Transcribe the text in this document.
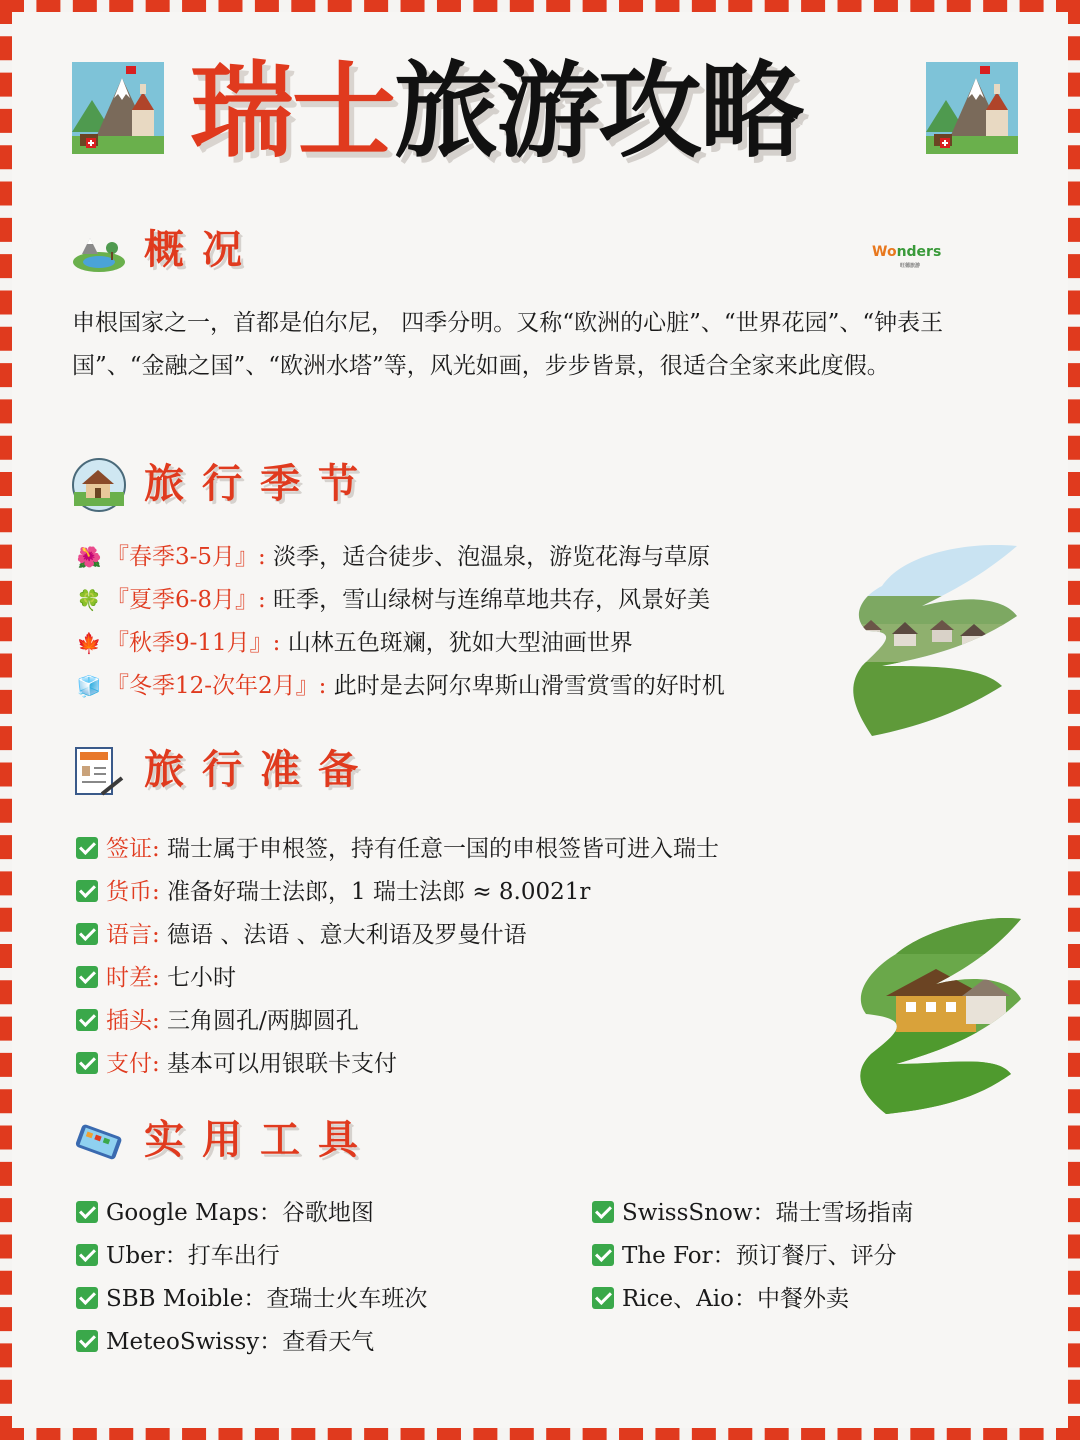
瑞士旅游攻略
概况	Wonders
旺德旅游
申根国家之一，首都是伯尔尼， 四季分明。又称“欧洲的心脏”、“世界花园”、“钟表王国”、“金融之国”、“欧洲水塔”等，风光如画，步步皆景，很适合全家来此度假。
旅行季节
🌺 『春季3-5月』: 淡季，适合徒步、泡温泉，游览花海与草原
🍀 『夏季6-8月』: 旺季，雪山绿树与连绵草地共存，风景好美
🍁 『秋季9-11月』: 山林五色斑斓，犹如大型油画世界
🧊 『冬季12-次年2月』: 此时是去阿尔卑斯山滑雪赏雪的好时机
旅行准备
签证: 瑞士属于申根签，持有任意一国的申根签皆可进入瑞士
货币: 准备好瑞士法郎，1 瑞士法郎 ≈ 8.0021r
语言: 德语 、法语 、意大利语及罗曼什语
时差: 七小时
插头: 三角圆孔/两脚圆孔
支付: 基本可以用银联卡支付
实用工具
Google Maps：谷歌地图
Uber：打车出行
SBB Moible：查瑞士火车班次
MeteoSwissy：查看天气
SwissSnow：瑞士雪场指南
The For：预订餐厅、评分
Rice、Aio：中餐外卖
